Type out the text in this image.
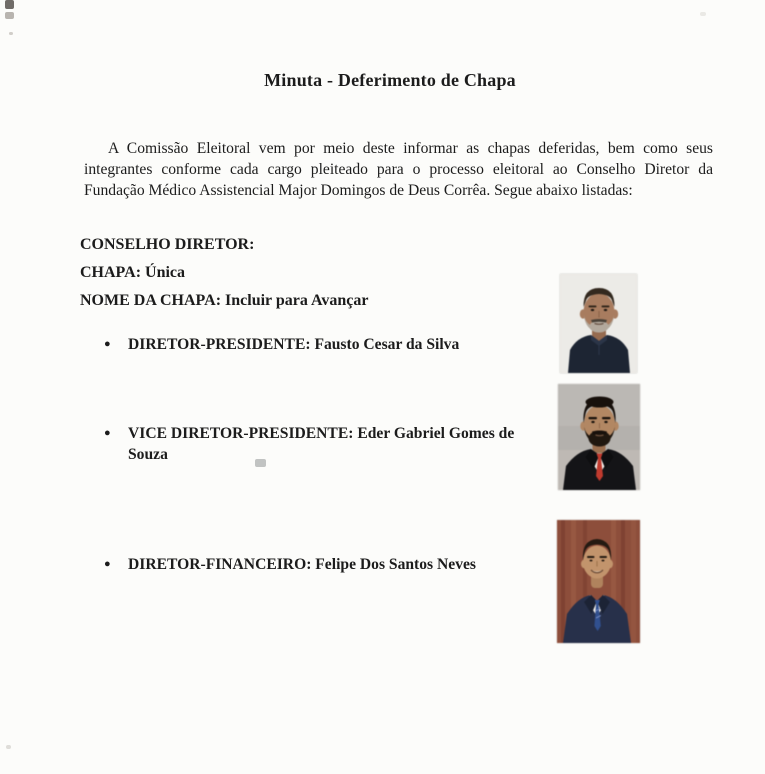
Minuta - Deferimento de Chapa

A Comissão Eleitoral vem por meio deste informar as chapas deferidas, bem como seus integrantes conforme cada cargo pleiteado para o processo eleitoral ao Conselho Diretor da Fundação Médico Assistencial Major Domingos de Deus Corrêa. Segue abaixo listadas:

CONSELHO DIRETOR:

CHAPA: Única

NOME DA CHAPA: Incluir para Avançar

●	DIRETOR-PRESIDENTE: Fausto Cesar da Silva
●	VICE DIRETOR-PRESIDENTE: Eder Gabriel Gomes de Souza
●	DIRETOR-FINANCEIRO: Felipe Dos Santos Neves
